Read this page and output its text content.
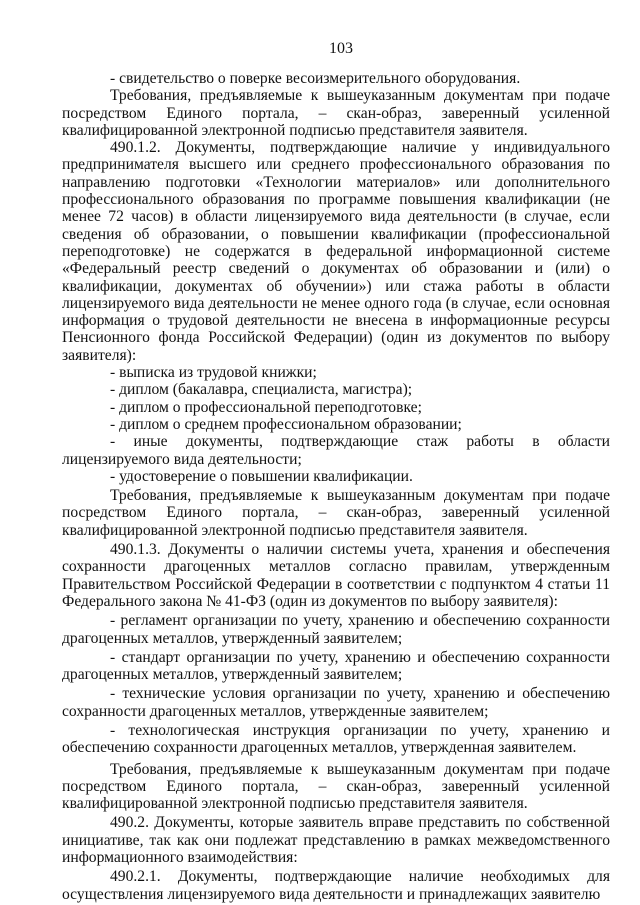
103

- свидетельство о поверке весоизмерительного оборудования.

Требования, предъявляемые к вышеуказанным документам при подаче посредством Единого портала, – скан-образ, заверенный усиленной квалифицированной электронной подписью представителя заявителя.

490.1.2. Документы, подтверждающие наличие у индивидуального предпринимателя высшего или среднего профессионального образования по направлению подготовки «Технологии материалов» или дополнительного профессионального образования по программе повышения квалификации (не менее 72 часов) в области лицензируемого вида деятельности (в случае, если сведения об образовании, о повышении квалификации (профессиональной переподготовке) не содержатся в федеральной информационной системе «Федеральный реестр сведений о документах об образовании и (или) о квалификации, документах об обучении») или стажа работы в области лицензируемого вида деятельности не менее одного года (в случае, если основная информация о трудовой деятельности не внесена в информационные ресурсы Пенсионного фонда Российской Федерации) (один из документов по выбору заявителя):

- выписка из трудовой книжки;

- диплом (бакалавра, специалиста, магистра);

- диплом о профессиональной переподготовке;

- диплом о среднем профессиональном образовании;

- иные документы, подтверждающие стаж работы в области лицензируемого вида деятельности;

- удостоверение о повышении квалификации.

Требования, предъявляемые к вышеуказанным документам при подаче посредством Единого портала, – скан-образ, заверенный усиленной квалифицированной электронной подписью представителя заявителя.

490.1.3. Документы о наличии системы учета, хранения и обеспечения сохранности драгоценных металлов согласно правилам, утвержденным Правительством Российской Федерации в соответствии с подпунктом 4 статьи 11 Федерального закона № 41-ФЗ (один из документов по выбору заявителя):

- регламент организации по учету, хранению и обеспечению сохранности драгоценных металлов, утвержденный заявителем;

- стандарт организации по учету, хранению и обеспечению сохранности драгоценных металлов, утвержденный заявителем;

- технические условия организации по учету, хранению и обеспечению сохранности драгоценных металлов, утвержденные заявителем;

- технологическая инструкция организации по учету, хранению и обеспечению сохранности драгоценных металлов, утвержденная заявителем.

Требования, предъявляемые к вышеуказанным документам при подаче посредством Единого портала, – скан-образ, заверенный усиленной квалифицированной электронной подписью представителя заявителя.

490.2. Документы, которые заявитель вправе представить по собственной инициативе, так как они подлежат представлению в рамках межведомственного информационного взаимодействия:

490.2.1. Документы, подтверждающие наличие необходимых для осуществления лицензируемого вида деятельности и принадлежащих заявителю
